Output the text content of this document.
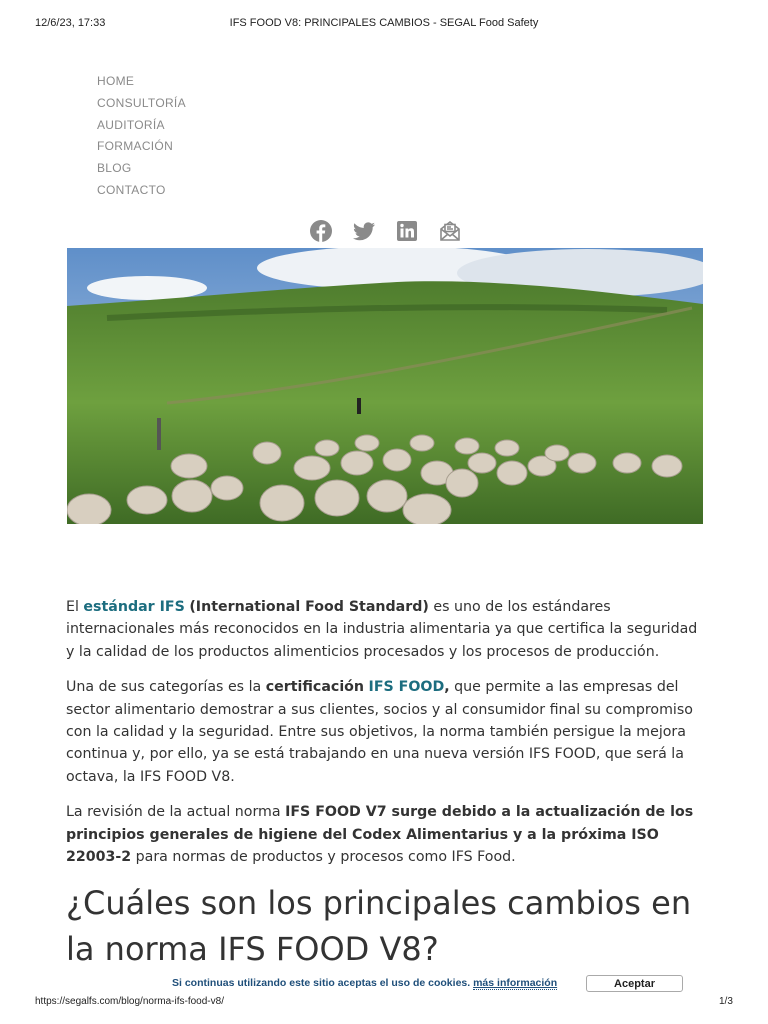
12/6/23, 17:33	IFS FOOD V8: PRINCIPALES CAMBIOS - SEGAL Food Safety
HOME
CONSULTORÍA
AUDITORÍA
FORMACIÓN
BLOG
CONTACTO

El estándar IFS (International Food Standard) es uno de los estándares internacionales más reconocidos en la industria alimentaria ya que certifica la seguridad y la calidad de los productos alimenticios procesados y los procesos de producción.

Una de sus categorías es la certificación IFS FOOD, que permite a las empresas del sector alimentario demostrar a sus clientes, socios y al consumidor final su compromiso con la calidad y la seguridad. Entre sus objetivos, la norma también persigue la mejora continua y, por ello, ya se está trabajando en una nueva versión IFS FOOD, que será la octava, la IFS FOOD V8.

La revisión de la actual norma IFS FOOD V7 surge debido a la actualización de los principios generales de higiene del Codex Alimentarius y a la próxima ISO 22003-2 para normas de productos y procesos como IFS Food.

¿Cuáles son los principales cambios en la norma IFS FOOD V8?
Si continuas utilizando este sitio aceptas el uso de cookies. más información	Aceptar
https://segalfs.com/blog/norma-ifs-food-v8/	1/3
